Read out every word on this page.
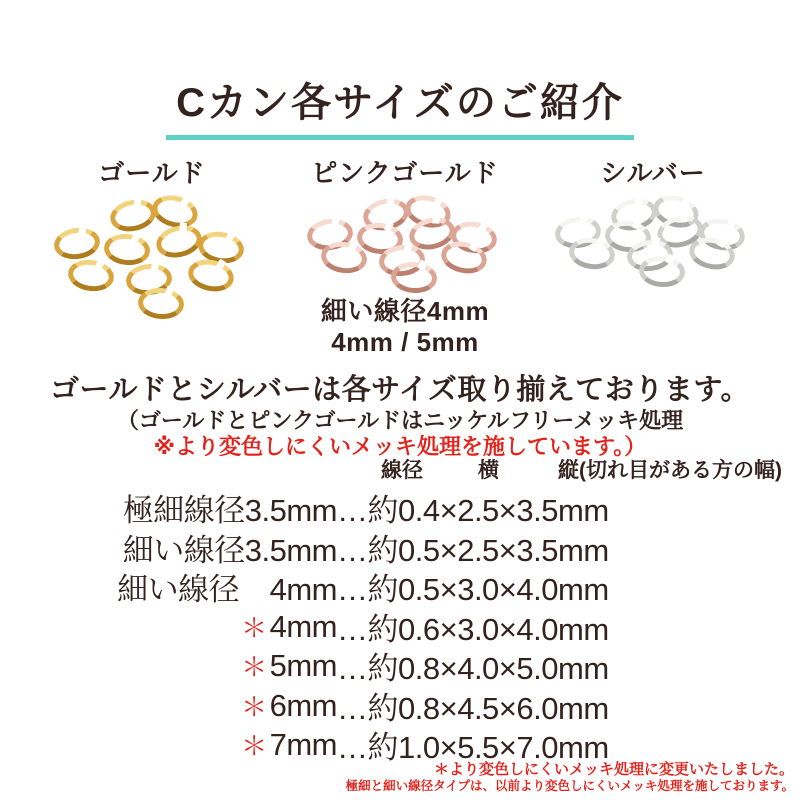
Cカン各サイズのご紹介
ゴールド	ピンクゴールド
細い線径4mm
4mm / 5mm
シルバー
ゴールドとシルバーは各サイズ取り揃えております。
（ゴールドとピンクゴールドはニッケルフリーメッキ処理
※より変色しにくいメッキ処理を施しています。）
線径	横	縦(切れ目がある方の幅)
極細線径3.5mm …約0.4×2.5×3.5mm
細い線径3.5mm …約0.5×2.5×3.5mm
細い線径　4mm …約0.5×3.0×4.0mm
＊4mm …約0.6×3.0×4.0mm
＊5mm …約0.8×4.0×5.0mm
＊6mm …約0.8×4.5×6.0mm
＊7mm …約1.0×5.5×7.0mm
＊より変色しにくいメッキ処理に変更いたしました。
極細と細い線径タイプは、以前より変色しにくいメッキ処理を施しております。
